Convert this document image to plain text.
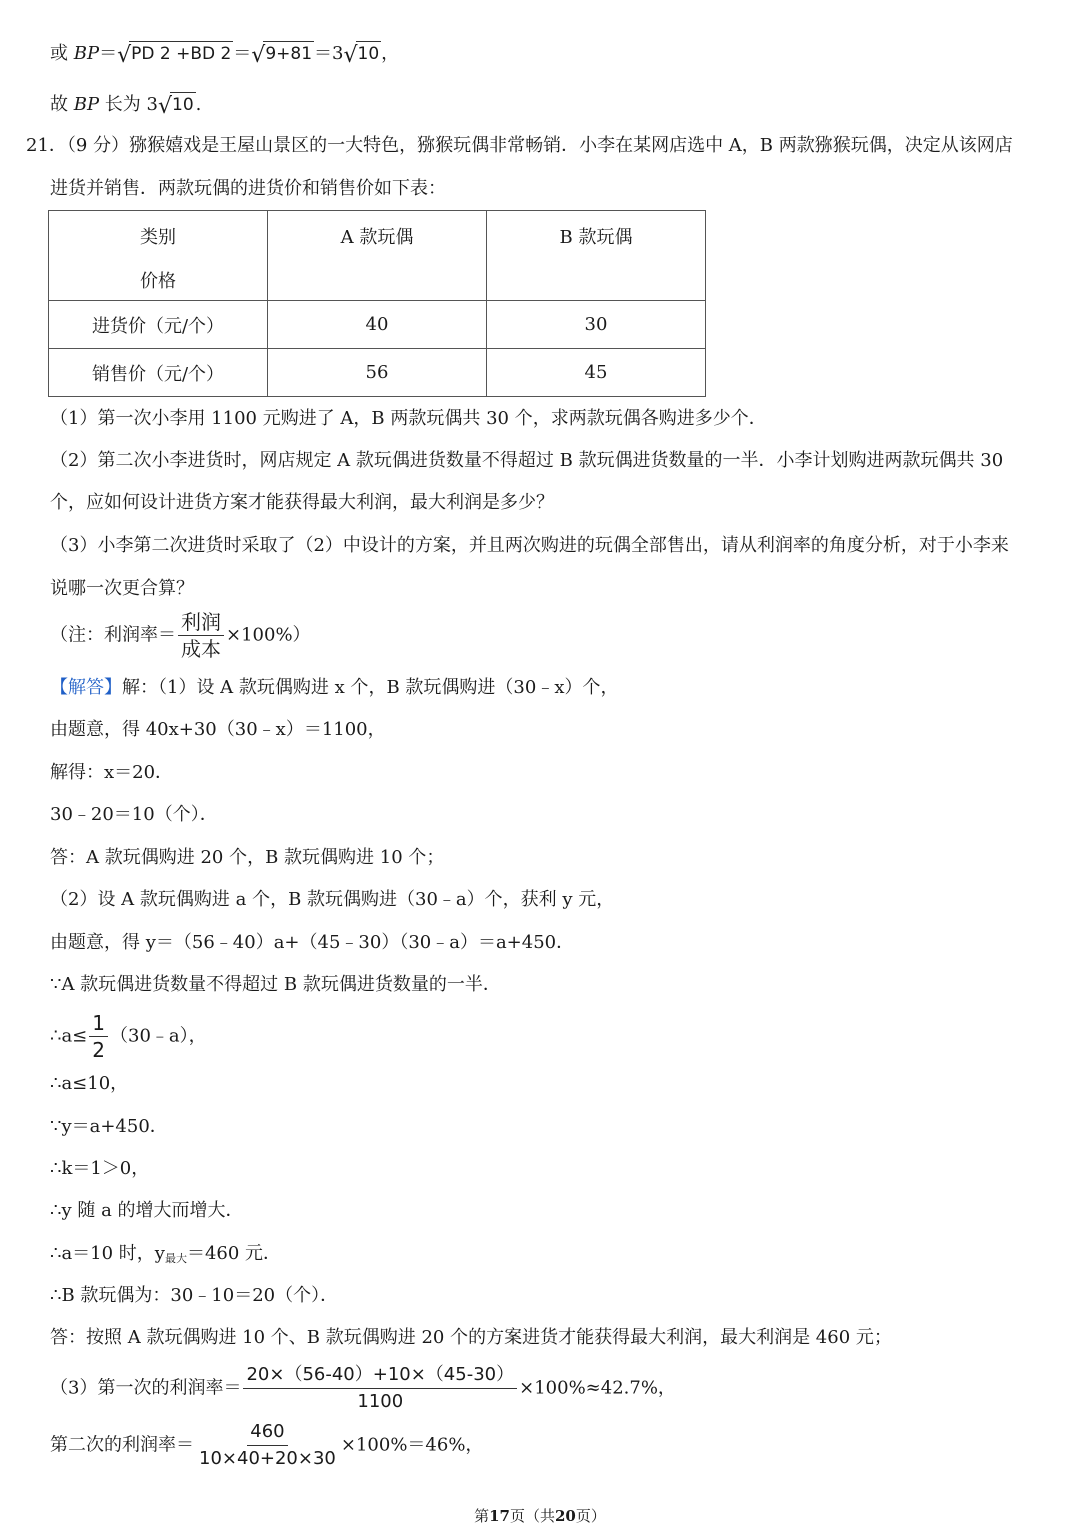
或 BP＝√PD 2 +BD 2 ＝√9+81 ＝3√10 ，
故 BP 长为 3√10 .
21．（9 分）猕猴嬉戏是王屋山景区的一大特色，猕猴玩偶非常畅销．小李在某网店选中 A，B 两款猕猴玩偶，决定从该网店
进货并销售．两款玩偶的进货价和销售价如下表：
类别
价格	A 款玩偶	B 款玩偶

进货价（元/个）	40	30
销售价（元/个）	56	45
（1）第一次小李用 1100 元购进了 A，B 两款玩偶共 30 个，求两款玩偶各购进多少个．
（2）第二次小李进货时，网店规定 A 款玩偶进货数量不得超过 B 款玩偶进货数量的一半．小李计划购进两款玩偶共 30
个，应如何设计进货方案才能获得最大利润，最大利润是多少？
（3）小李第二次进货时采取了（2）中设计的方案，并且两次购进的玩偶全部售出，请从利润率的角度分析，对于小李来
说哪一次更合算？
（注：利润率＝ $\frac{\text{利润}}{\text{成本}} \times 100\%$）
【解答】解：（1）设 A 款玩偶购进 x 个，B 款玩偶购进（30﹣x）个，
由题意，得 40x+30（30﹣x）＝1100，
解得：x＝20．
30﹣20＝10（个）．
答：A 款玩偶购进 20 个，B 款玩偶购进 10 个；
（2）设 A 款玩偶购进 a 个，B 款玩偶购进（30﹣a）个，获利 y 元，
由题意，得 y＝（56﹣40）a+（45﹣30）（30﹣a）＝a+450．
∵A 款玩偶进货数量不得超过 B 款玩偶进货数量的一半．
∴a≤ $\frac{1}{2}$ （30﹣a），
∴a≤10，
∵y＝a+450．
∴k＝1＞0，
∴y 随 a 的增大而增大．
∴a＝10 时，$y_{最大}=460$ 元．
∴B 款玩偶为：30﹣10＝20（个）．
答：按照 A 款玩偶购进 10 个、B 款玩偶购进 20 个的方案进货才能获得最大利润，最大利润是 460 元；
（3）第一次的利润率＝ $\frac{20\times(56-40)+10\times(45-30)}{1100} \times 100\%\approx 42.7\%$，
第二次的利润率＝ $\frac{460}{10\times 40+20\times 30} \times 100\%=46\%$，
第17页（共20页）
